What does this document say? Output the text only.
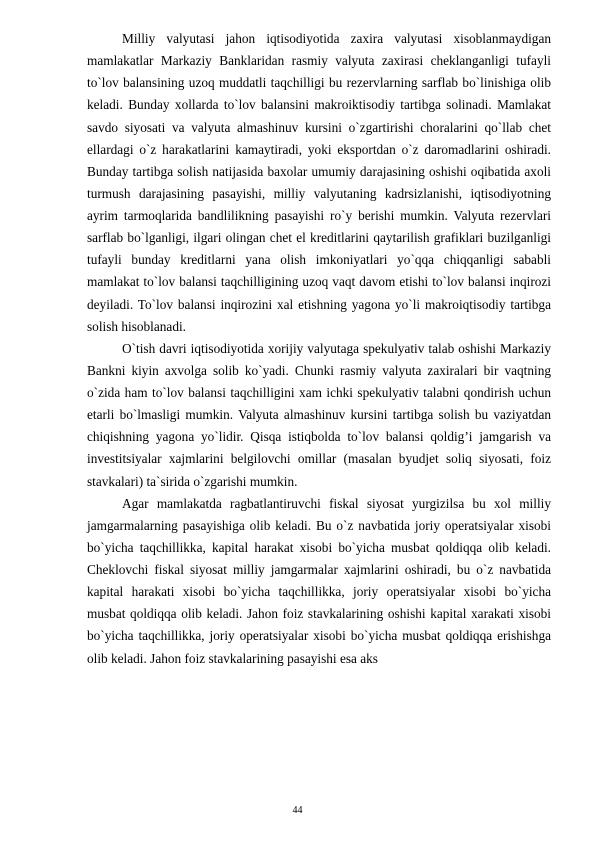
Milliy valyutasi jahon iqtisodiyotida zaxira valyutasi xisoblanmaydigan mamlakatlar Markaziy Banklaridan rasmiy valyuta zaxirasi cheklanganligi tufayli to`lov balansining uzoq muddatli taqchilligi bu rezervlarning sarflab bo`linishiga olib keladi. Bunday xollarda to`lov balansini makroiktisodiy tartibga solinadi. Mamlakat savdo siyosati va valyuta almashinuv kursini o`zgartirishi choralarini qo`llab chet ellardagi o`z harakatlarini kamaytiradi, yoki eksportdan o`z daromadlarini oshiradi. Bunday tartibga solish natijasida baxolar umumiy darajasining oshishi oqibatida axoli turmush darajasining pasayishi, milliy valyutaning kadrsizlanishi, iqtisodiyotning ayrim tarmoqlarida bandlilikning pasayishi ro`y berishi mumkin. Valyuta rezervlari sarflab bo`lganligi, ilgari olingan chet el kreditlarini qaytarilish grafiklari buzilganligi tufayli bunday kreditlarni yana olish imkoniyatlari yo`qqa chiqqanligi sababli mamlakat to`lov balansi taqchilligining uzoq vaqt davom etishi to`lov balansi inqirozi deyiladi. To`lov balansi inqirozini xal etishning yagona yo`li makroiqtisodiy tartibga solish hisoblanadi.

O`tish davri iqtisodiyotida xorijiy valyutaga spekulyativ talab oshishi Markaziy Bankni kiyin axvolga solib ko`yadi. Chunki rasmiy valyuta zaxiralari bir vaqtning o`zida ham to`lov balansi taqchilligini xam ichki spekulyativ talabni qondirish uchun etarli bo`lmasligi mumkin. Valyuta almashinuv kursini tartibga solish bu vaziyatdan chiqishning yagona yo`lidir. Qisqa istiqbolda to`lov balansi qoldig’i jamgarish va investitsiyalar xajmlarini belgilovchi omillar (masalan byudjet soliq siyosati, foiz stavkalari) ta`sirida o`zgarishi mumkin.

Agar mamlakatda ragbatlantiruvchi fiskal siyosat yurgizilsa bu xol milliy jamgarmalarning pasayishiga olib keladi. Bu o`z navbatida joriy operatsiyalar xisobi bo`yicha taqchillikka, kapital harakat xisobi bo`yicha musbat qoldiqqa olib keladi. Cheklovchi fiskal siyosat milliy jamgarmalar xajmlarini oshiradi, bu o`z navbatida kapital harakati xisobi bo`yicha taqchillikka, joriy operatsiyalar xisobi bo`yicha musbat qoldiqqa olib keladi. Jahon foiz stavkalarining oshishi kapital xarakati xisobi bo`yicha taqchillikka, joriy operatsiyalar xisobi bo`yicha musbat qoldiqqa erishishga olib keladi. Jahon foiz stavkalarining pasayishi esa aks

44
